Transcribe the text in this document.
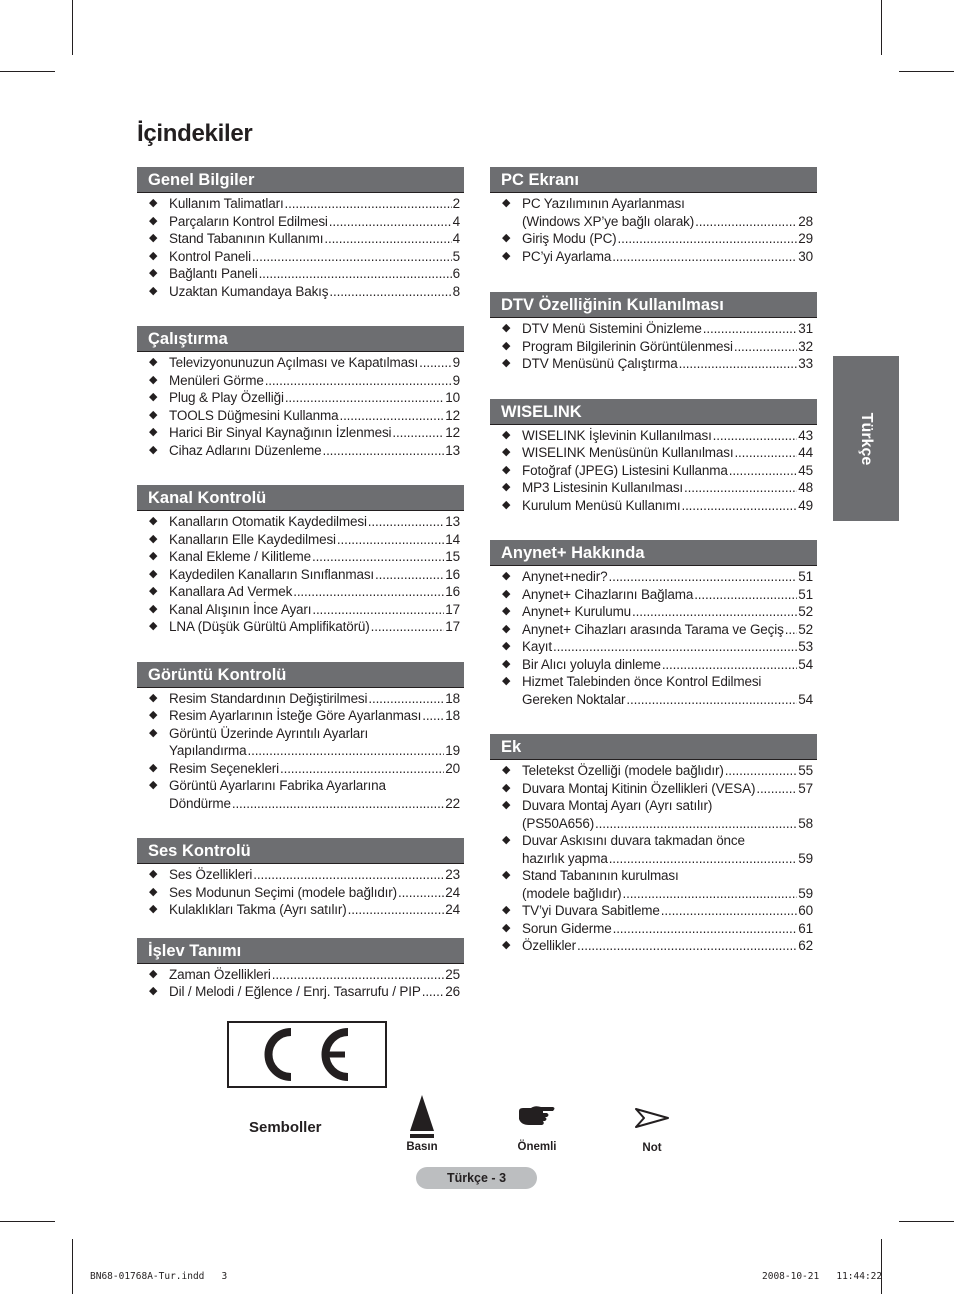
İçindekiler
Genel Bilgiler
◆ Kullanım Talimatları .....	2
◆ Parçaların Kontrol Edilmesi .....	4
◆ Stand Tabanının Kullanımı .....	4
◆ Kontrol Paneli .....	5
◆ Bağlantı Paneli .....	6
◆ Uzaktan Kumandaya Bakış .....	8
Çalıştırma
◆ Televizyonunuzun Açılması ve Kapatılması .....	9
◆ Menüleri Görme .....	9
◆ Plug & Play Özelliği .....	10
◆ TOOLS Düğmesini Kullanma .....	12
◆ Harici Bir Sinyal Kaynağının İzlenmesi .....	12
◆ Cihaz Adlarını Düzenleme .....	13
Kanal Kontrolü
◆ Kanalların Otomatik Kaydedilmesi .....	13
◆ Kanalların Elle Kaydedilmesi .....	14
◆ Kanal Ekleme / Kilitleme .....	15
◆ Kaydedilen Kanalların Sınıflanması .....	16
◆ Kanallara Ad Vermek .....	16
◆ Kanal Alışının İnce Ayarı .....	17
◆ LNA (Düşük Gürültü Amplifikatörü) .....	17
Görüntü Kontrolü
◆ Resim Standardının Değiştirilmesi .....	18
◆ Resim Ayarlarının İsteğe Göre Ayarlanması ..... 18
◆ Görüntü Üzerinde Ayrıntılı Ayarları
Yapılandırma .....	19
◆ Resim Seçenekleri .....	20
◆ Görüntü Ayarlarını Fabrika Ayarlarına
Döndürme .....	22
Ses Kontrolü
◆ Ses Özellikleri .....	23
◆ Ses Modunun Seçimi (modele bağlıdır) .....	24
◆ Kulaklıkları Takma (Ayrı satılır) .....	24
İşlev Tanımı
◆ Zaman Özellikleri .....	25
◆ Dil / Melodi / Eğlence / Enrj. Tasarrufu / PIP ..... 26
PC Ekranı
◆ PC Yazılımının Ayarlanması
(Windows XP’ye bağlı olarak) .....	28
◆ Giriş Modu (PC) .....	29
◆ PC’yi Ayarlama .....	30
DTV Özelliğinin Kullanılması
◆ DTV Menü Sistemini Önizleme .....	31
◆ Program Bilgilerinin Görüntülenmesi .....	32
◆ DTV Menüsünü Çalıştırma .....	33
WISELINK
◆ WISELINK İşlevinin Kullanılması .....	43
◆ WISELINK Menüsünün Kullanılması .....	44
◆ Fotoğraf (JPEG) Listesini Kullanma .....	45
◆ MP3 Listesinin Kullanılması .....	48
◆ Kurulum Menüsü Kullanımı .....	49
Anynet+ Hakkında
◆ Anynet+nedir? .....	51
◆ Anynet+ Cihazlarını Bağlama .....	51
◆ Anynet+ Kurulumu .....	52
◆ Anynet+ Cihazları arasında Tarama ve Geçiş ..... 52
◆ Kayıt .....	53
◆ Bir Alıcı yoluyla dinleme .....	54
◆ Hizmet Talebinden önce Kontrol Edilmesi
Gereken Noktalar .....	54
Ek
◆ Teletekst Özelliği (modele bağlıdır) .....	55
◆ Duvara Montaj Kitinin Özellikleri (VESA) .....	57
◆ Duvara Montaj Ayarı (Ayrı satılır)
(PS50A656) .....	58
◆ Duvar Askısını duvara takmadan önce
hazırlık yapma .....	59
◆ Stand Tabanının kurulması
(modele bağlıdır) .....	59
◆ TV’yi Duvara Sabitleme .....	60
◆ Sorun Giderme .....	61
◆ Özellikler .....	62
Türkçe
Semboller
Basın	Önemli	Not
Türkçe - 3
BN68-01768A-Tur.indd   3	2008-10-21   11:44:22
